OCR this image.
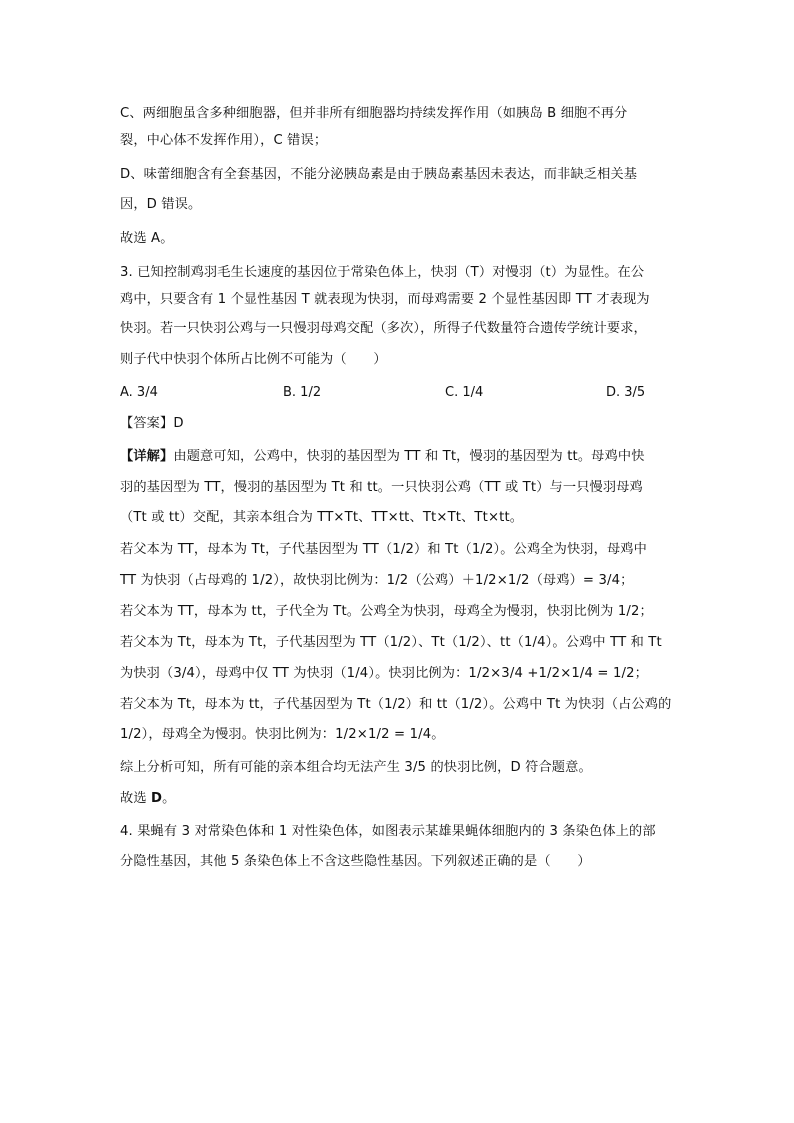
C、两细胞虽含多种细胞器，但并非所有细胞器均持续发挥作用（如胰岛 B 细胞不再分
裂，中心体不发挥作用），C 错误；
D、味蕾细胞含有全套基因，不能分泌胰岛素是由于胰岛素基因未表达，而非缺乏相关基
因，D 错误。
故选 A。
3. 已知控制鸡羽毛生长速度的基因位于常染色体上，快羽（T）对慢羽（t）为显性。在公
鸡中，只要含有 1 个显性基因 T 就表现为快羽，而母鸡需要 2 个显性基因即 TT 才表现为
快羽。若一只快羽公鸡与一只慢羽母鸡交配（多次），所得子代数量符合遗传学统计要求，
则子代中快羽个体所占比例不可能为（　　）
A. 3/4	B. 1/2	C. 1/4	D. 3/5
【答案】D
【详解】由题意可知，公鸡中，快羽的基因型为 TT 和 Tt，慢羽的基因型为 tt。母鸡中快
羽的基因型为 TT，慢羽的基因型为 Tt 和 tt。一只快羽公鸡（TT 或 Tt）与一只慢羽母鸡
（Tt 或 tt）交配，其亲本组合为 TT×Tt、TT×tt、Tt×Tt、Tt×tt。
若父本为 TT，母本为 Tt，子代基因型为 TT（1/2）和 Tt（1/2）。公鸡全为快羽，母鸡中
TT 为快羽（占母鸡的 1/2），故快羽比例为：1/2（公鸡）＋1/2×1/2（母鸡）= 3/4；
若父本为 TT，母本为 tt，子代全为 Tt。公鸡全为快羽，母鸡全为慢羽，快羽比例为 1/2；
若父本为 Tt，母本为 Tt，子代基因型为 TT（1/2）、Tt（1/2）、tt（1/4）。公鸡中 TT 和 Tt
为快羽（3/4），母鸡中仅 TT 为快羽（1/4）。快羽比例为：1/2×3/4 +1/2×1/4 = 1/2；
若父本为 Tt，母本为 tt，子代基因型为 Tt（1/2）和 tt（1/2）。公鸡中 Tt 为快羽（占公鸡的
1/2），母鸡全为慢羽。快羽比例为：1/2×1/2 = 1/4。
综上分析可知，所有可能的亲本组合均无法产生 3/5 的快羽比例，D 符合题意。
故选 D。
4. 果蝇有 3 对常染色体和 1 对性染色体，如图表示某雄果蝇体细胞内的 3 条染色体上的部
分隐性基因，其他 5 条染色体上不含这些隐性基因。下列叙述正确的是（　　）
